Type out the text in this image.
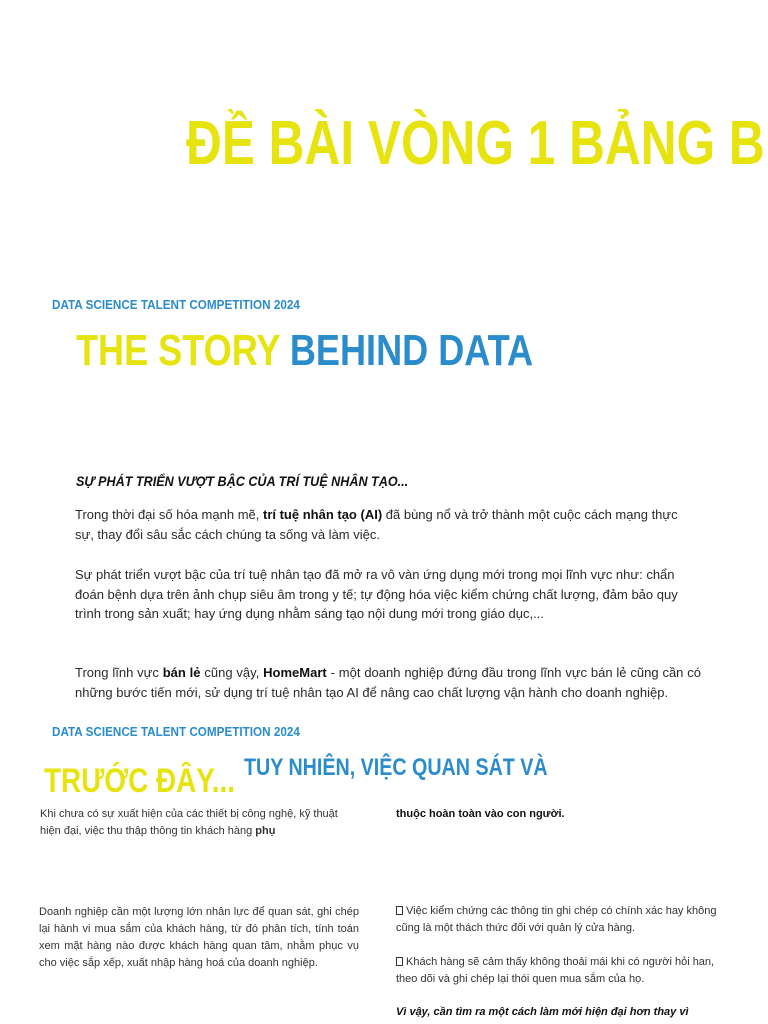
ĐỀ BÀI VÒNG 1 BẢNG B
DATA SCIENCE TALENT COMPETITION 2024
THE STORY BEHIND DATA
SỰ PHÁT TRIỂN VƯỢT BẬC CỦA TRÍ TUỆ NHÂN TẠO...
Trong thời đại số hóa mạnh mẽ, trí tuệ nhân tạo (AI) đã bùng nổ và trở thành một cuộc cách mạng thực sự, thay đổi sâu sắc cách chúng ta sống và làm việc.
Sự phát triển vượt bậc của trí tuệ nhân tạo đã mở ra vô vàn ứng dụng mới trong mọi lĩnh vực như: chẩn đoán bệnh dựa trên ảnh chụp siêu âm trong y tế; tự động hóa việc kiểm chứng chất lượng, đảm bảo quy trình trong sản xuất; hay ứng dụng nhằm sáng tạo nội dung mới trong giáo dục,...
Trong lĩnh vực bán lẻ cũng vậy, HomeMart - một doanh nghiệp đứng đầu trong lĩnh vực bán lẻ cũng cần có những bước tiến mới, sử dụng trí tuệ nhân tạo AI để nâng cao chất lượng vận hành cho doanh nghiệp.
DATA SCIENCE TALENT COMPETITION 2024
TRƯỚC ĐÂY... TUY NHIÊN, VIỆC QUAN SÁT VÀ
Khi chưa có sự xuất hiện của các thiết bị công nghệ, kỹ thuật hiện đại, việc thu thập thông tin khách hàng phụ
thuộc hoàn toàn vào con người.
Doanh nghiệp cần một lượng lớn nhân lực để quan sát, ghi chép lại hành vi mua sắm của khách hàng, từ đó phân tích, tính toán xem mặt hàng nào được khách hàng quan tâm, nhằm phục vụ cho việc sắp xếp, xuất nhập hàng hoá của doanh nghiệp.
Việc kiểm chứng các thông tin ghi chép có chính xác hay không cũng là một thách thức đối với quản lý cửa hàng.
Khách hàng sẽ cảm thấy không thoải mái khi có người hỏi han, theo dõi và ghi chép lại thói quen mua sắm của họ.
Vì vậy, cần tìm ra một cách làm mới hiện đại hơn thay vì
